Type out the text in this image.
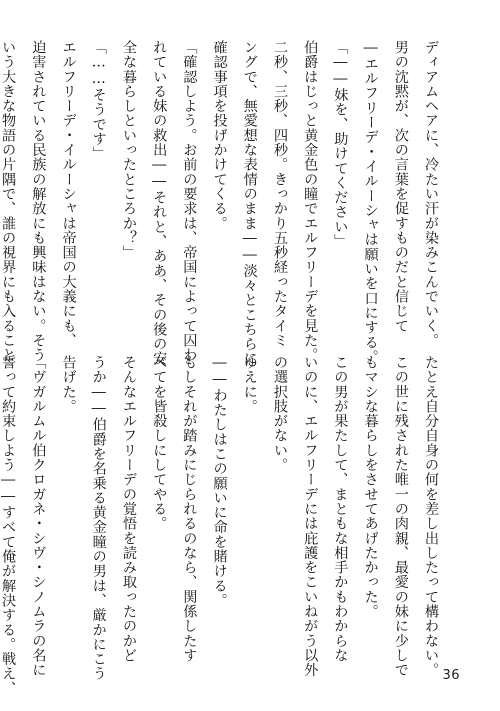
ディアムヘアに、冷たい汗が染みこんでいく。
男の沈黙が、次の言葉を促すものだと信じて
―エルフリーデ・イルーシャは願いを口にする。
「――妹を、助けてください」
伯爵はじっと黄金色の瞳でエルフリーデを見た。
二秒、三秒、四秒。きっかり五秒経ったタイミ
ングで、無愛想な表情のまま――淡々とこちらに
確認事項を投げかけてくる。
「確認しよう。お前の要求は、帝国によって囚わ
れている妹の救出――それと、ああ、その後の安
全な暮らしといったところか？」
「……そうです」
エルフリーデ・イルーシャは帝国の大義にも、
迫害されている民族の解放にも興味はない。そう
いう大きな物語の片隅で、誰の視界にも入ること
たとえ自分自身の何を差し出したって構わない。
この世に残された唯一の肉親、最愛の妹に少しで
もマシな暮らしをさせてあげたかった。
この男が果たして、まともな相手かもわからな
いのに、エルフリーデには庇護をこいねがう以外
の選択肢がない。
ゆえに。
――わたしはこの願いに命を賭ける。
もしそれが踏みにじられるのなら、関係したす
べてを皆殺しにしてやる。
そんなエルフリーデの覚悟を読み取ったのかど
うか――伯爵を名乗る黄金瞳の男は、厳かにこう
告げた。
「ヴガルムル伯クロガネ・シヴ・シノムラの名に
誓って約束しよう――すべて俺が解決する。戦え、	36
